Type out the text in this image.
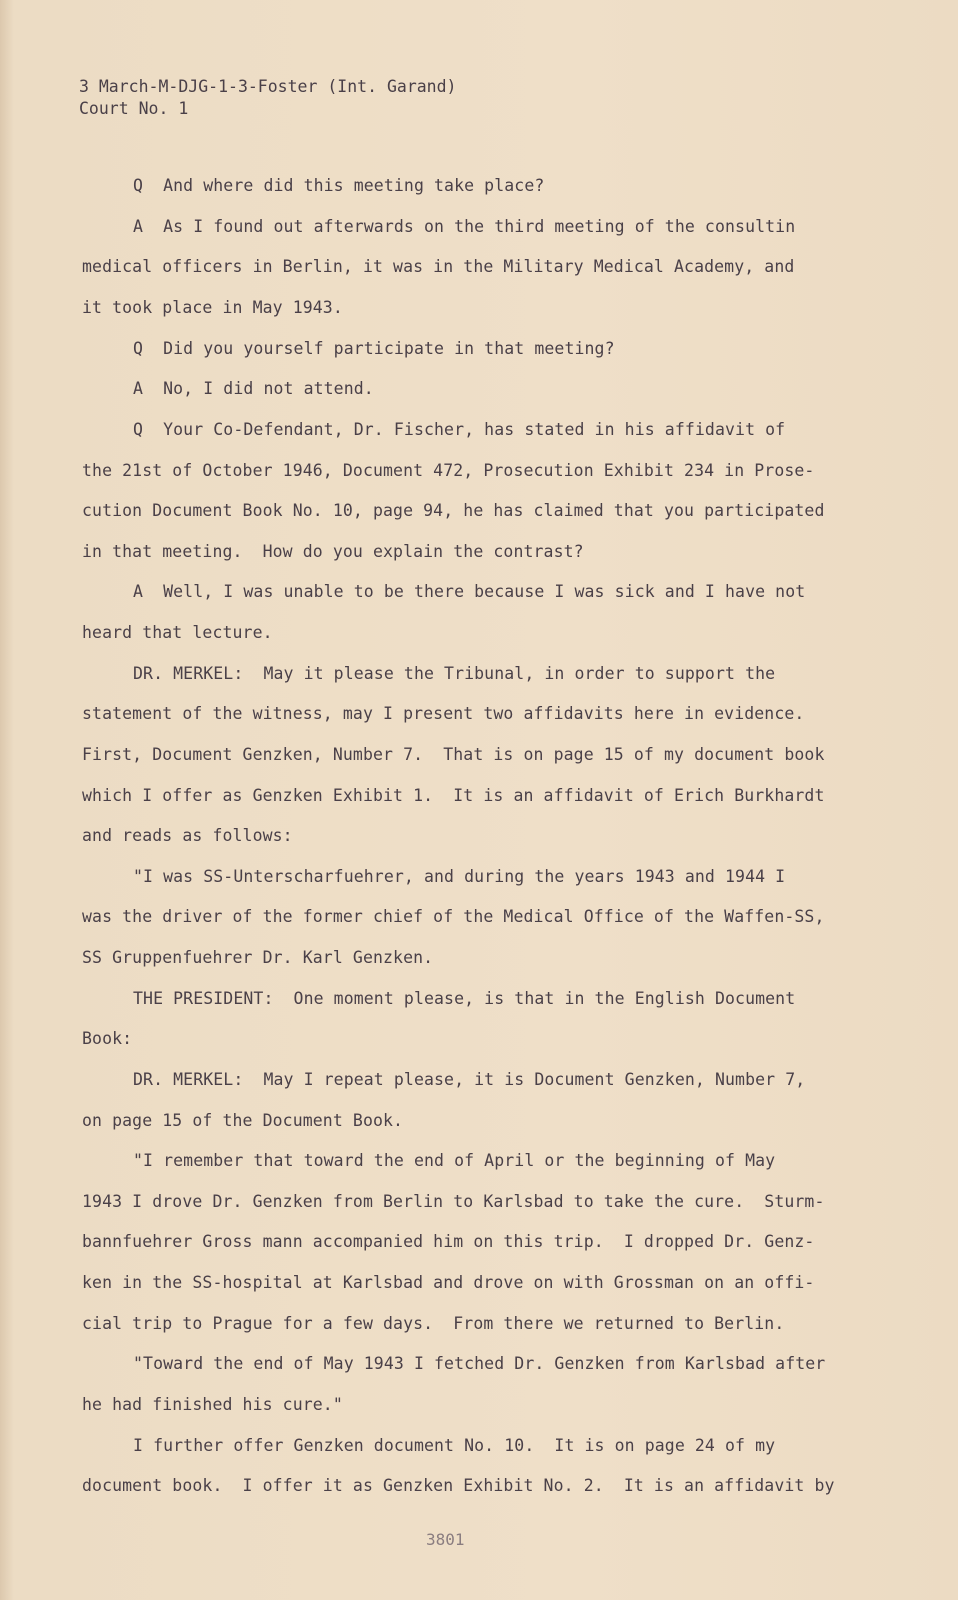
3 March-M-DJG-1-3-Foster (Int. Garand)
Court No. 1
Q  And where did this meeting take place?
A  As I found out afterwards on the third meeting of the consultin
medical officers in Berlin, it was in the Military Medical Academy, and
it took place in May 1943.
Q  Did you yourself participate in that meeting?
A  No, I did not attend.
Q  Your Co-Defendant, Dr. Fischer, has stated in his affidavit of
the 21st of October 1946, Document 472, Prosecution Exhibit 234 in Prose-
cution Document Book No. 10, page 94, he has claimed that you participated
in that meeting.  How do you explain the contrast?
A  Well, I was unable to be there because I was sick and I have not
heard that lecture.
DR. MERKEL:  May it please the Tribunal, in order to support the
statement of the witness, may I present two affidavits here in evidence.
First, Document Genzken, Number 7.  That is on page 15 of my document book
which I offer as Genzken Exhibit 1.  It is an affidavit of Erich Burkhardt
and reads as follows:
"I was SS-Unterscharfuehrer, and during the years 1943 and 1944 I
was the driver of the former chief of the Medical Office of the Waffen-SS,
SS Gruppenfuehrer Dr. Karl Genzken.
THE PRESIDENT:  One moment please, is that in the English Document
Book:
DR. MERKEL:  May I repeat please, it is Document Genzken, Number 7,
on page 15 of the Document Book.
"I remember that toward the end of April or the beginning of May
1943 I drove Dr. Genzken from Berlin to Karlsbad to take the cure.  Sturm-
bannfuehrer Gross mann accompanied him on this trip.  I dropped Dr. Genz-
ken in the SS-hospital at Karlsbad and drove on with Grossman on an offi-
cial trip to Prague for a few days.  From there we returned to Berlin.
"Toward the end of May 1943 I fetched Dr. Genzken from Karlsbad after
he had finished his cure."
I further offer Genzken document No. 10.  It is on page 24 of my
document book.  I offer it as Genzken Exhibit No. 2.  It is an affidavit by
3801
